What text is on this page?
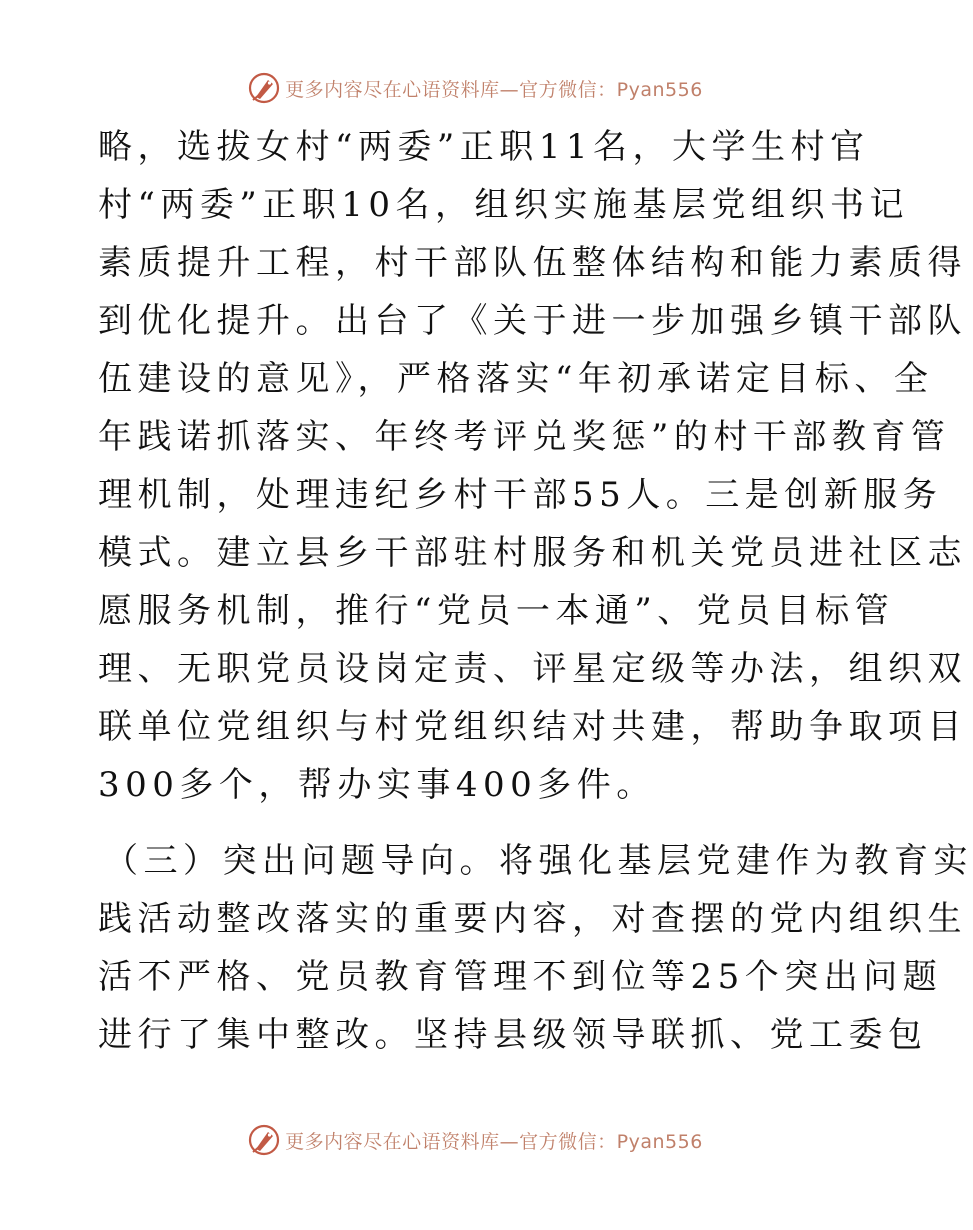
更多内容尽在心语资料库—官方微信：Pyan556
略，选拔女村“两委”正职11名，大学生村官
村“两委”正职10名，组织实施基层党组织书记
素质提升工程，村干部队伍整体结构和能力素质得
到优化提升。出台了《关于进一步加强乡镇干部队
伍建设的意见》，严格落实“年初承诺定目标、全
年践诺抓落实、年终考评兑奖惩”的村干部教育管
理机制，处理违纪乡村干部55人。三是创新服务
模式。建立县乡干部驻村服务和机关党员进社区志
愿服务机制，推行“党员一本通”、党员目标管
理、无职党员设岗定责、评星定级等办法，组织双
联单位党组织与村党组织结对共建，帮助争取项目
300多个，帮办实事400多件。
（三）突出问题导向。将强化基层党建作为教育实
践活动整改落实的重要内容，对查摆的党内组织生
活不严格、党员教育管理不到位等25个突出问题
进行了集中整改。坚持县级领导联抓、党工委包
更多内容尽在心语资料库—官方微信：Pyan556
